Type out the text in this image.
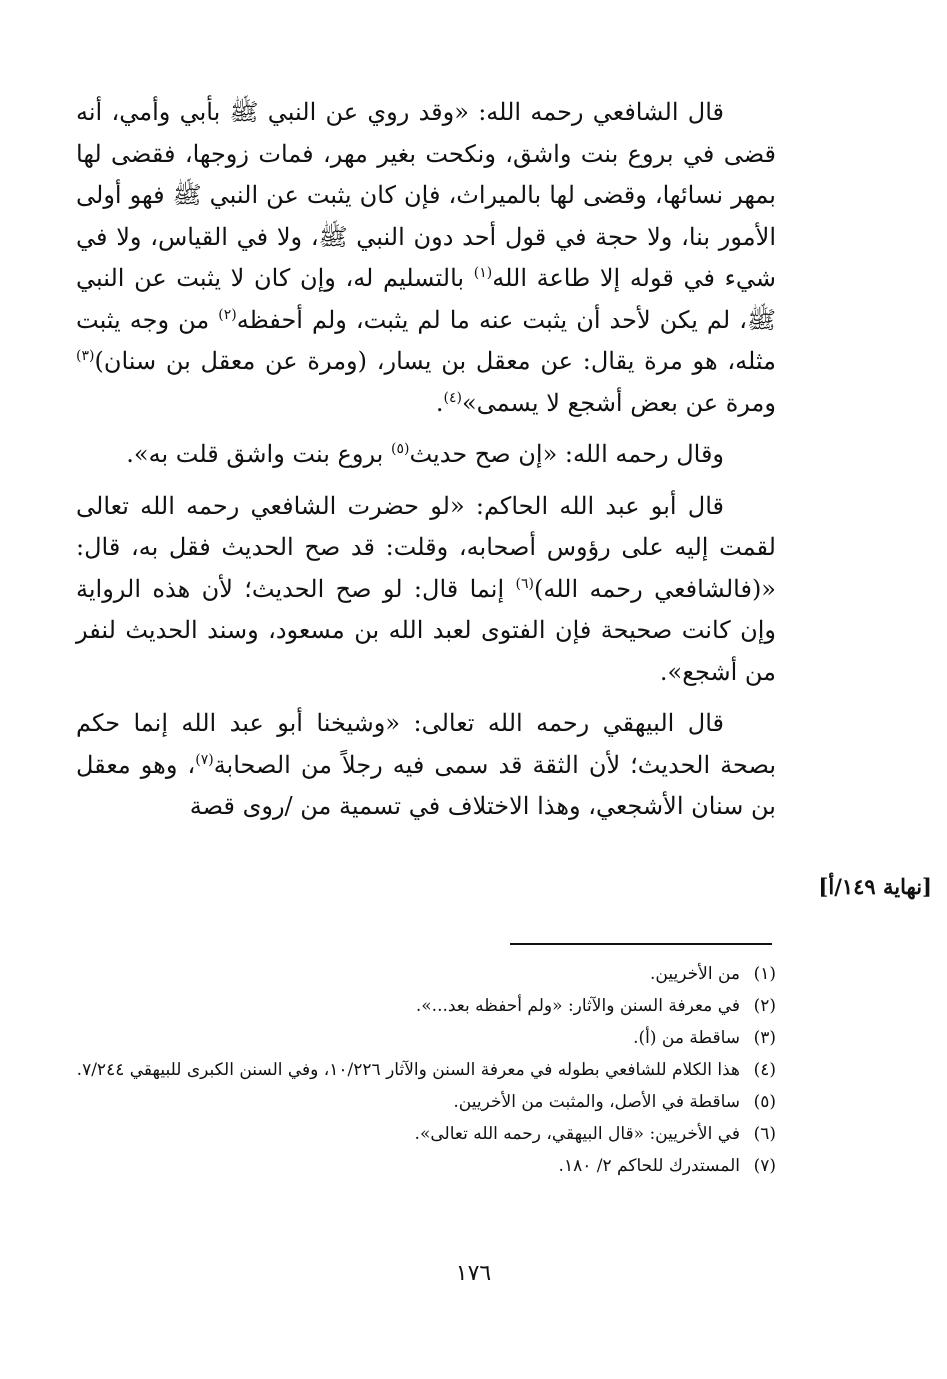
قال الشافعي رحمه الله: «وقد روي عن النبي ﷺ بأبي وأمي، أنه قضى في بروع بنت واشق، ونكحت بغير مهر، فمات زوجها، فقضى لها بمهر نسائها، وقضى لها بالميراث، فإن كان يثبت عن النبي ﷺ فهو أولى الأمور بنا، ولا حجة في قول أحد دون النبي ﷺ، ولا في القياس، ولا في شيء في قوله إلا طاعة الله$^{(١)}$ بالتسليم له، وإن كان لا يثبت عن النبي ﷺ، لم يكن لأحد أن يثبت عنه ما لم يثبت، ولم أحفظه$^{(٢)}$ من وجه يثبت مثله، هو مرة يقال: عن معقل بن يسار، (ومرة عن معقل بن سنان)$^{(٣)}$ ومرة عن بعض أشجع لا يسمى»$^{(٤)}$.

وقال رحمه الله: «إن صح حديث$^{(٥)}$ بروع بنت واشق قلت به».

قال أبو عبد الله الحاكم: «لو حضرت الشافعي رحمه الله تعالى لقمت إليه على رؤوس أصحابه، وقلت: قد صح الحديث فقل به، قال: «(فالشافعي رحمه الله)$^{(٦)}$ إنما قال: لو صح الحديث؛ لأن هذه الرواية وإن كانت صحيحة فإن الفتوى لعبد الله بن مسعود، وسند الحديث لنفر من أشجع».

قال البيهقي رحمه الله تعالى: «وشيخنا أبو عبد الله إنما حكم بصحة الحديث؛ لأن الثقة قد سمى فيه رجلاً من الصحابة$^{(٧)}$، وهو معقل بن سنان الأشجعي، وهذا الاختلاف في تسمية من /روى قصة

[نهاية ١٤٩/أ]
(١)
من الأخريين.
(٢)
في معرفة السنن والآثار: «ولم أحفظه بعد...».
(٣)
ساقطة من (أ).
(٤)
هذا الكلام للشافعي بطوله في معرفة السنن والآثار ١٠/٢٢٦، وفي السنن الكبرى للبيهقي ٧/٢٤٤.
(٥)
ساقطة في الأصل، والمثبت من الأخريين.
(٦)
في الأخريين: «قال البيهقي، رحمه الله تعالى».
(٧)
المستدرك للحاكم ٢/ ١٨٠.
١٧٦
